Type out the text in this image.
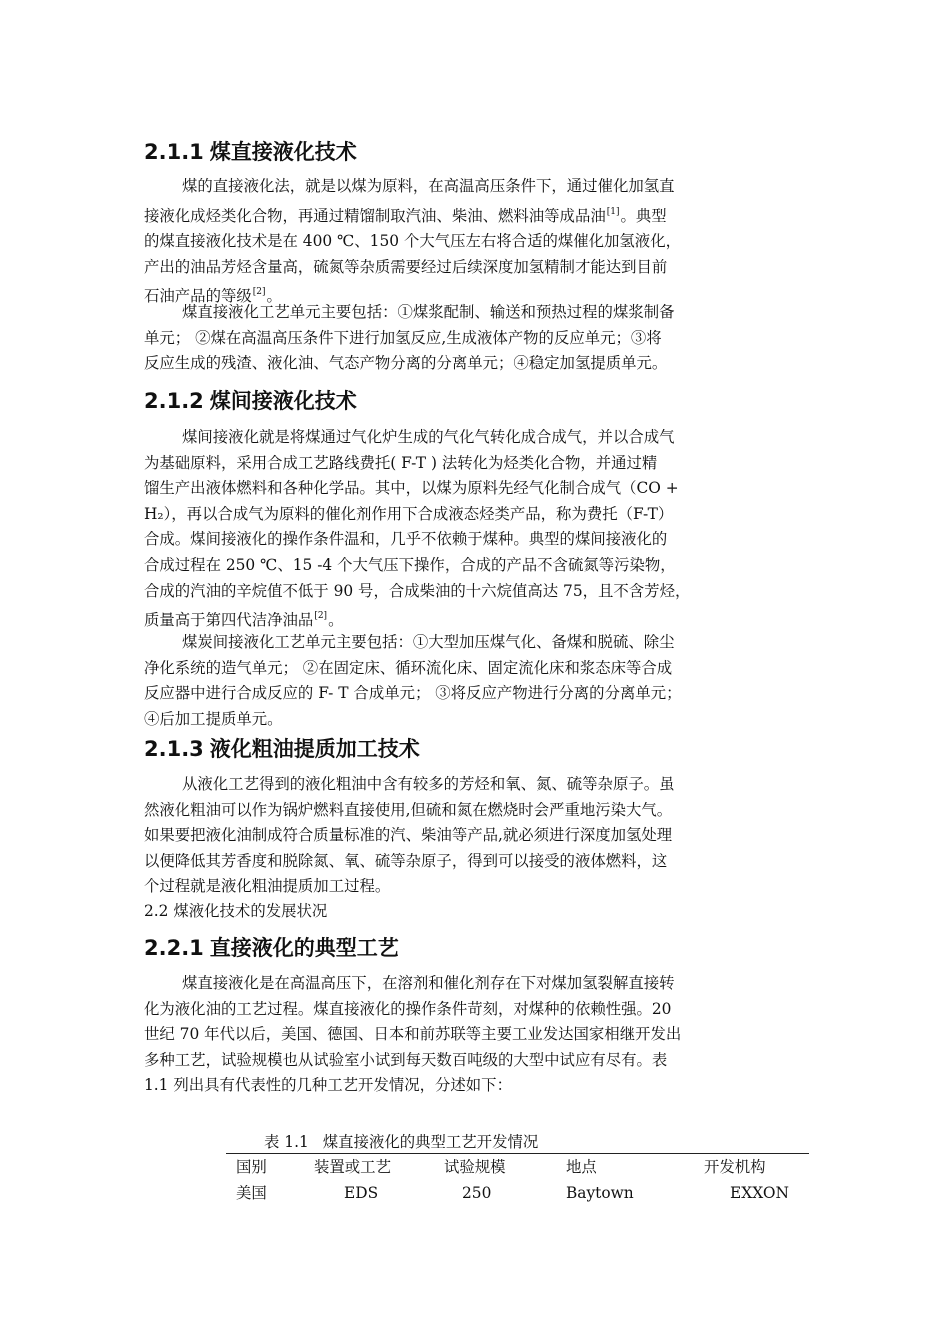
2.1.1 煤直接液化技术
煤的直接液化法，就是以煤为原料，在高温高压条件下，通过催化加氢直
接液化成烃类化合物，再通过精馏制取汽油、柴油、燃料油等成品油[1]。典型
的煤直接液化技术是在 400 ℃、150 个大气压左右将合适的煤催化加氢液化，
产出的油品芳烃含量高，硫氮等杂质需要经过后续深度加氢精制才能达到目前
石油产品的等级[2]。
煤直接液化工艺单元主要包括：①煤浆配制、输送和预热过程的煤浆制备
单元； ②煤在高温高压条件下进行加氢反应,生成液体产物的反应单元；③将
反应生成的残渣、液化油、气态产物分离的分离单元；④稳定加氢提质单元。
2.1.2 煤间接液化技术
煤间接液化就是将煤通过气化炉生成的气化气转化成合成气，并以合成气
为基础原料，采用合成工艺路线费托( F-T ) 法转化为烃类化合物，并通过精
馏生产出液体燃料和各种化学品。其中，以煤为原料先经气化制合成气（CO +
H₂），再以合成气为原料的催化剂作用下合成液态烃类产品，称为费托（F-T）
合成。煤间接液化的操作条件温和，几乎不依赖于煤种。典型的煤间接液化的
合成过程在 250 ℃、15 -4 个大气压下操作，合成的产品不含硫氮等污染物，
合成的汽油的辛烷值不低于 90 号，合成柴油的十六烷值高达 75，且不含芳烃，
质量高于第四代洁净油品[2]。
煤炭间接液化工艺单元主要包括：①大型加压煤气化、备煤和脱硫、除尘
净化系统的造气单元； ②在固定床、循环流化床、固定流化床和浆态床等合成
反应器中进行合成反应的 F- T 合成单元； ③将反应产物进行分离的分离单元；
④后加工提质单元。
2.1.3 液化粗油提质加工技术
从液化工艺得到的液化粗油中含有较多的芳烃和氧、氮、硫等杂原子。虽
然液化粗油可以作为锅炉燃料直接使用,但硫和氮在燃烧时会严重地污染大气。
如果要把液化油制成符合质量标准的汽、柴油等产品,就必须进行深度加氢处理
以便降低其芳香度和脱除氮、氧、硫等杂原子，得到可以接受的液体燃料，这
个过程就是液化粗油提质加工过程。
2.2 煤液化技术的发展状况
2.2.1 直接液化的典型工艺
煤直接液化是在高温高压下，在溶剂和催化剂存在下对煤加氢裂解直接转
化为液化油的工艺过程。煤直接液化的操作条件苛刻，对煤种的依赖性强。20
世纪 70 年代以后，美国、德国、日本和前苏联等主要工业发达国家相继开发出
多种工艺，试验规模也从试验室小试到每天数百吨级的大型中试应有尽有。表
1.1 列出具有代表性的几种工艺开发情况，分述如下：
表 1.1 煤直接液化的典型工艺开发情况
国别	装置或工艺	试验规模	地点	开发机构
美国	EDS	250	Baytown	EXXON
